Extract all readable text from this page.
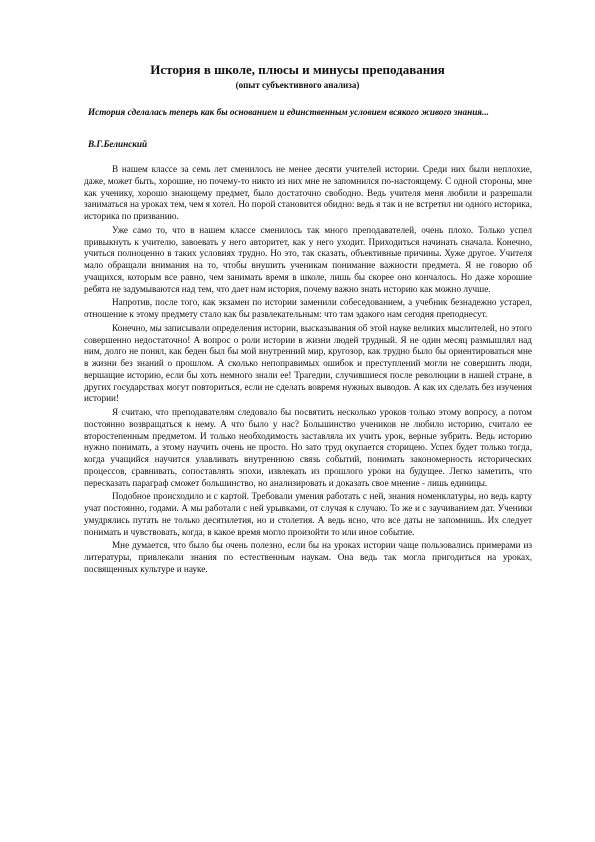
История в школе, плюсы и минусы преподавания
(опыт субъективного анализа)
История сделалась теперь как бы основанием и единственным условием всякого живого знания...
В.Г.Белинский

В нашем классе за семь лет сменилось не менее десяти учителей истории. Среди них были неплохие, даже, может быть, хорошие, но почему-то никто из них мне не запомнился по-настоящему. С одной стороны, мне как ученику, хорошо знающему предмет, было достаточно свободно. Ведь учителя меня любили и разрешали заниматься на уроках тем, чем я хотел. Но порой становится обидно: ведь я так и не встретил ни одного историка, историка по призванию.

Уже само то, что в нашем классе сменилось так много преподавателей, очень плохо. Только успел привыкнуть к учителю, завоевать у него авторитет, как у него уходит. Приходиться начинать сначала. Конечно, учиться полноценно в таких условиях трудно. Но это, так сказать, объективные причины. Хуже другое. Учителя мало обращали внимания на то, чтобы внушить ученикам понимание важности предмета. Я не говорю об учащихся, которым все равно, чем занимать время в школе, лишь бы скорее оно кончалось. Но даже хорошие ребята не задумываются над тем, что дает нам история, почему важно знать историю как можно лучше.

Напротив, после того, как экзамен по истории заменили собеседованием, а учебник безнадежно устарел, отношение к этому предмету стало как бы развлекательным: что там эдакого нам сегодня преподнесут.

Конечно, мы записывали определения истории, высказывания об этой науке великих мыслителей, но этого совершенно недостаточно! А вопрос о роли истории в жизни людей трудный. Я не один месяц размышлял над ним, долго не понял, как беден был бы мой внутренний мир, кругозор, как трудно было бы ориентироваться мне в жизни без знаний о прошлом. А сколько непоправимых ошибок и преступлений могли не совершить люди, вершащие историю, если бы хоть немного знали ее! Трагедии, случившиеся после революции в нашей стране, в других государствах могут повториться, если не сделать вовремя нужных выводов. А как их сделать без изучения истории!

Я считаю, что преподавателям следовало бы посвятить несколько уроков только этому вопросу, а потом постоянно возвращаться к нему. А что было у нас? Большинство учеников не любило историю, считало ее второстепенным предметом. И только необходимость заставляла их учить урок, верные зубрить. Ведь историю нужно понимать, а этому научить очень не просто. Но зато труд окупается сторицею. Успех будет только тогда, когда учащийся научится улавливать внутреннюю связь событий, понимать закономерность исторических процессов, сравнивать, сопоставлять эпохи, извлекать из прошлого уроки на будущее. Легко заметить, что пересказать параграф сможет большинство, но анализировать и доказать свое мнение - лишь единицы.

Подобное происходило и с картой. Требовали умения работать с ней, знания номенклатуры, но ведь карту учат постоянно, годами. А мы работали с ней урывками, от случая к случаю. То же и с заучиванием дат. Ученики умудрялись путать не только десятилетия, но и столетия. А ведь ясно, что все даты не запомнишь. Их следует понимать и чувствовать, когда, в какое время могло произойти то или иное событие.

Мне думается, что было бы очень полезно, если бы на уроках истории чаще пользовались примерами из литературы, привлекали знания по естественным наукам. Она ведь так могла пригодиться на уроках, посвященных культуре и науке.
